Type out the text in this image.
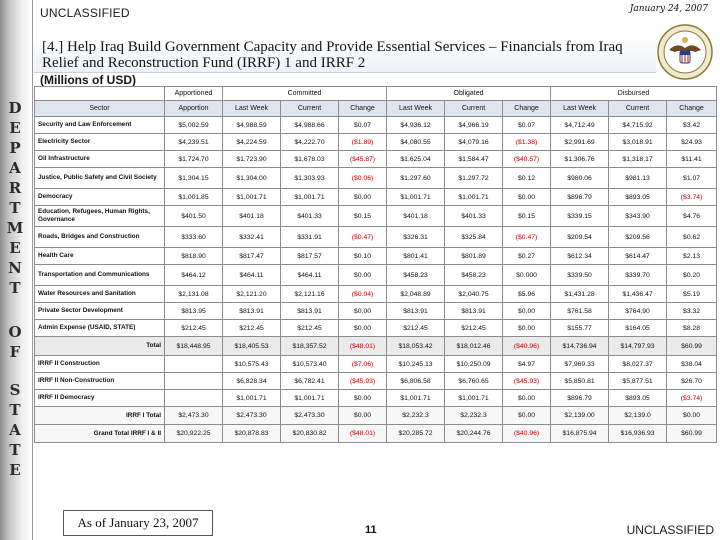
D
E
P
A
R
T
M
E
N
T
O
F
S
T
A
T
E
UNCLASSIFIED	January 24, 2007
[4.] Help Iraq Build Government Capacity and Provide Essential Services – Financials from Iraq Relief and Reconstruction Fund (IRRF) 1 and IRRF 2
(Millions of USD)
	Apportioned	Committed			Obligated			Disbursed		
Sector	Apportion	Last Week	Current	Change	Last Week	Current	Change	Last Week	Current	Change
Security and Law Enforcement	$5,002.59	$4,988.59	$4,988.66	$0.07	$4,936.12	$4,966.19	$0.07	$4,712.49	$4,715.92	$3.42
Electricity Sector	$4,239.51	$4,224.59	$4,222.70	($1.89)	$4,080.55	$4,079.16	($1.38)	$2,991.69	$3,018.91	$24.93
Oil Infrastructure	$1,724.70	$1,723.90	$1,678.03	($45.87)	$1,625.04	$1,584.47	($40.57)	$1,306.76	$1,318.17	$11.41
Justice, Public Safety and Civil Society	$1,304.15	$1,304.00	$1,303.93	($0.06)	$1,297.60	$1,297.72	$0.12	$980.06	$981.13	$1.07
Democracy	$1,001.85	$1,001.71	$1,001.71	$0.00	$1,001.71	$1,001.71	$0.00	$896.79	$893.05	($3.74)
Education, Refugees, Human Rights, Governance	$401.50	$401.18	$401.33	$0.15	$401.18	$401.33	$0.15	$339.15	$343.90	$4.76
Roads, Bridges and Construction	$333.60	$332.41	$331.91	($0.47)	$326.31	$325.84	($0.47)	$209.54	$209.56	$0.62
Health Care	$818.90	$817.47	$817.57	$0.10	$801.41	$801.89	$0.27	$612.34	$614.47	$2.13
Transportation and Communications	$464.12	$464.11	$464.11	$0.00	$458.23	$458.23	$0.000	$339.50	$339.70	$0.20
Water Resources and Sanitation	$2,131.08	$2,121.20	$2,121.16	($0.04)	$2,048.89	$2,040.75	$5.96	$1,431.28	$1,436.47	$5.19
Private Sector Development	$813.95	$813.91	$813.91	$0.00	$813.91	$813.91	$0.00	$761.58	$764.90	$3.32
Admin Expense (USAID, STATE)	$212.45	$212.45	$212.45	$0.00	$212.45	$212.45	$0.00	$155.77	$164.05	$8.28
Total	$18,448.95	$18,405.53	$18,357.52	($48.01)	$18,053.42	$18,012.46	($40.96)	$14,736.94	$14,797.93	$60.99
IRRF II Construction		$10,575.43	$10,573.40	($7.06)	$10,245.13	$10,250.09	$4.97	$7,969.33	$8,027.37	$38.04
IRRF II Non-Construction		$6,828.34	$6,782.41	($45.93)	$6,806.58	$6,760.65	($45.93)	$5,850.81	$5,877.51	$26.70
IRRF II Democracy		$1,001.71	$1,001.71	$0.00	$1,001.71	$1,001.71	$0.00	$896.79	$893.05	($3.74)
IRRF I Total	$2,473.30	$2,473.30	$2,473.30	$0.00	$2,232.3	$2,232.3	$0.00	$2,139.00	$2,139.0	$0.00
Grand Total IRRF I & II	$20,922.25	$20,878.83	$20,830.82	($48.01)	$20,285.72	$20,244.76	($40.96)	$16,875.94	$16,936.93	$60.99
As of January 23, 2007	11	UNCLASSIFIED
